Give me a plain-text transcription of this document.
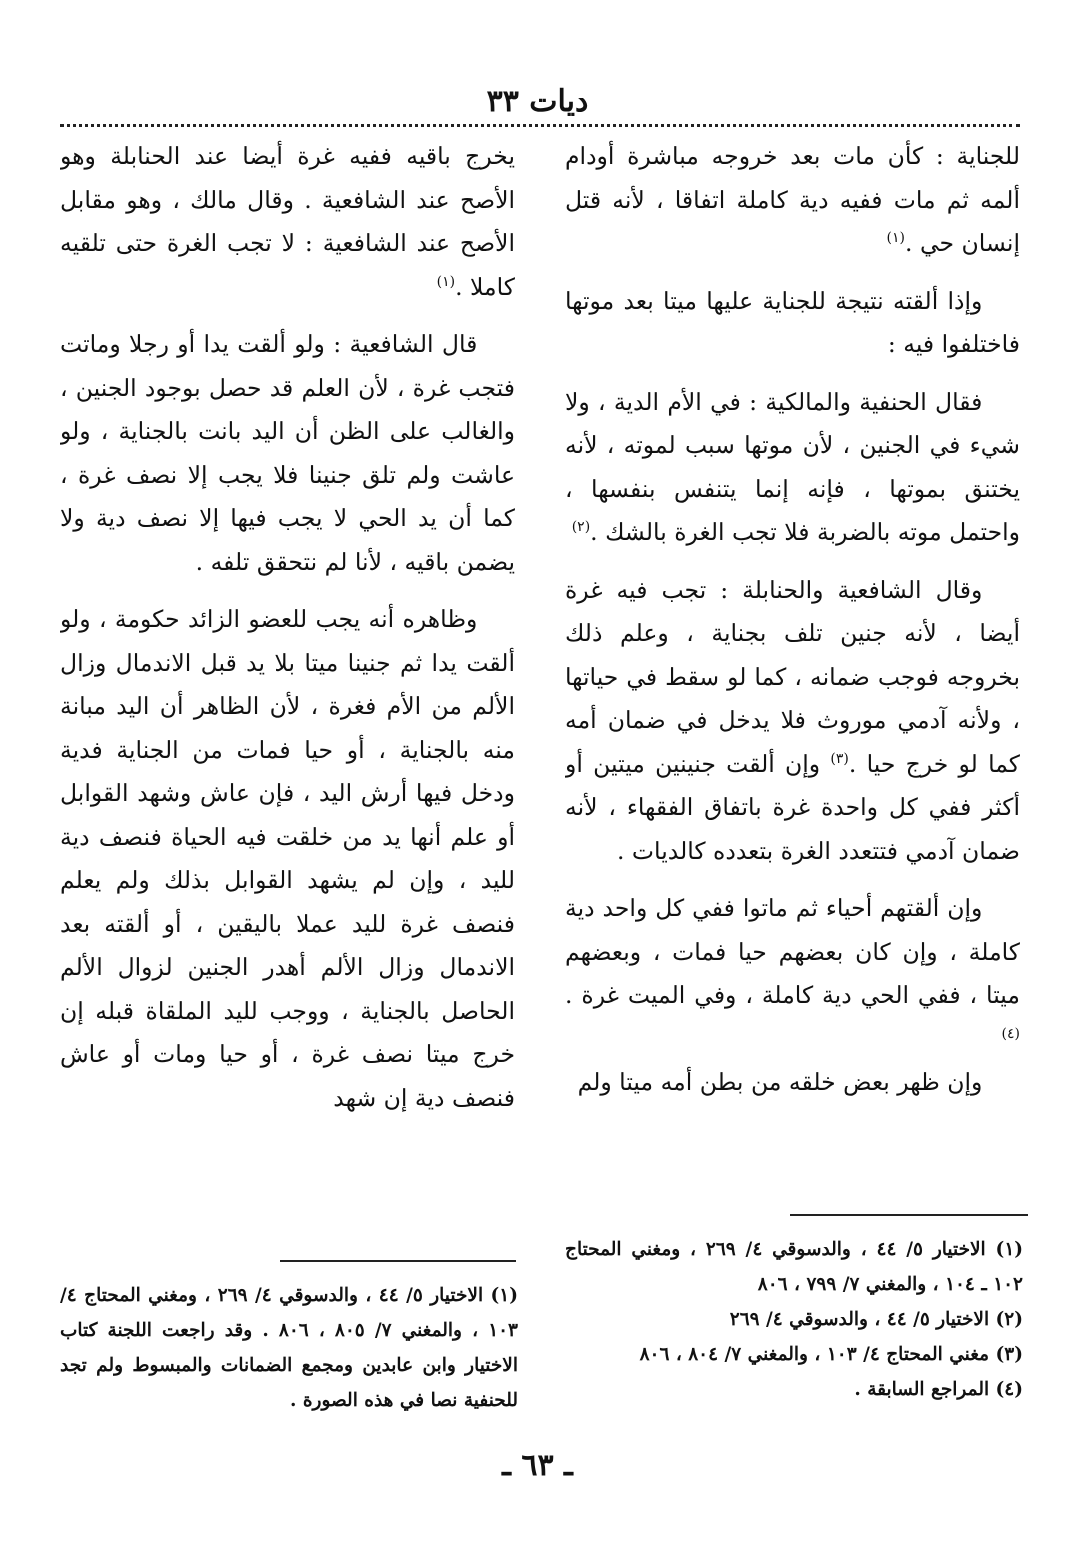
ديات ٣٣

للجناية : كأن مات بعد خروجه مباشرة أودام ألمه ثم مات ففيه دية كاملة اتفاقا ، لأنه قتل إنسان حي .$^{(١)}$

وإذا ألقته نتيجة للجناية عليها ميتا بعد موتها فاختلفوا فيه :

فقال الحنفية والمالكية : في الأم الدية ، ولا شيء في الجنين ، لأن موتها سبب لموته ، لأنه يختنق بموتها ، فإنه إنما يتنفس بنفسها ، واحتمل موته بالضربة فلا تجب الغرة بالشك .$^{(٢)}$

وقال الشافعية والحنابلة : تجب فيه غرة أيضا ، لأنه جنين تلف بجناية ، وعلم ذلك بخروجه فوجب ضمانه ، كما لو سقط في حياتها ، ولأنه آدمي موروث فلا يدخل في ضمان أمه كما لو خرج حيا .$^{(٣)}$ وإن ألقت جنينين ميتين أو أكثر ففي كل واحدة غرة باتفاق الفقهاء ، لأنه ضمان آدمي فتتعدد الغرة بتعدده كالديات .

وإن ألقتهم أحياء ثم ماتوا ففي كل واحد دية كاملة ، وإن كان بعضهم حيا فمات ، وبعضهم ميتا ، ففي الحي دية كاملة ، وفي الميت غرة .$^{(٤)}$

وإن ظهر بعض خلقه من بطن أمه ميتا ولم

يخرج باقيه ففيه غرة أيضا عند الحنابلة وهو الأصح عند الشافعية . وقال مالك ، وهو مقابل الأصح عند الشافعية : لا تجب الغرة حتى تلقيه كاملا .$^{(١)}$

قال الشافعية : ولو ألقت يدا أو رجلا وماتت فتجب غرة ، لأن العلم قد حصل بوجود الجنين ، والغالب على الظن أن اليد بانت بالجناية ، ولو عاشت ولم تلق جنينا فلا يجب إلا نصف غرة ، كما أن يد الحي لا يجب فيها إلا نصف دية ولا يضمن باقيه ، لأنا لم نتحقق تلفه .

وظاهره أنه يجب للعضو الزائد حكومة ، ولو ألقت يدا ثم جنينا ميتا بلا يد قبل الاندمال وزال الألم من الأم فغرة ، لأن الظاهر أن اليد مبانة منه بالجناية ، أو حيا فمات من الجناية فدية ودخل فيها أرش اليد ، فإن عاش وشهد القوابل أو علم أنها يد من خلقت فيه الحياة فنصف دية لليد ، وإن لم يشهد القوابل بذلك ولم يعلم فنصف غرة لليد عملا باليقين ، أو ألقته بعد الاندمال وزال الألم أهدر الجنين لزوال الألم الحاصل بالجناية ، ووجب لليد الملقاة قبله إن خرج ميتا نصف غرة ، أو حيا ومات أو عاش فنصف دية إن شهد

(١) الاختيار ٥/ ٤٤ ، والدسوقي ٤/ ٢٦٩ ، ومغني المحتاج ١٠٢ ـ ١٠٤ ، والمغني ٧/ ٧٩٩ ، ٨٠٦

(٢) الاختيار ٥/ ٤٤ ، والدسوقي ٤/ ٢٦٩

(٣) مغني المحتاج ٤/ ١٠٣ ، والمغني ٧/ ٨٠٤ ، ٨٠٦

(٤) المراجع السابقة .

(١) الاختيار ٥/ ٤٤ ، والدسوقي ٤/ ٢٦٩ ، ومغني المحتاج ٤/ ١٠٣ ، والمغني ٧/ ٨٠٥ ، ٨٠٦ . وقد راجعت اللجنة كتاب الاختيار وابن عابدين ومجمع الضمانات والمبسوط ولم تجد للحنفية نصا في هذه الصورة .

ـ ٦٣ ـ
